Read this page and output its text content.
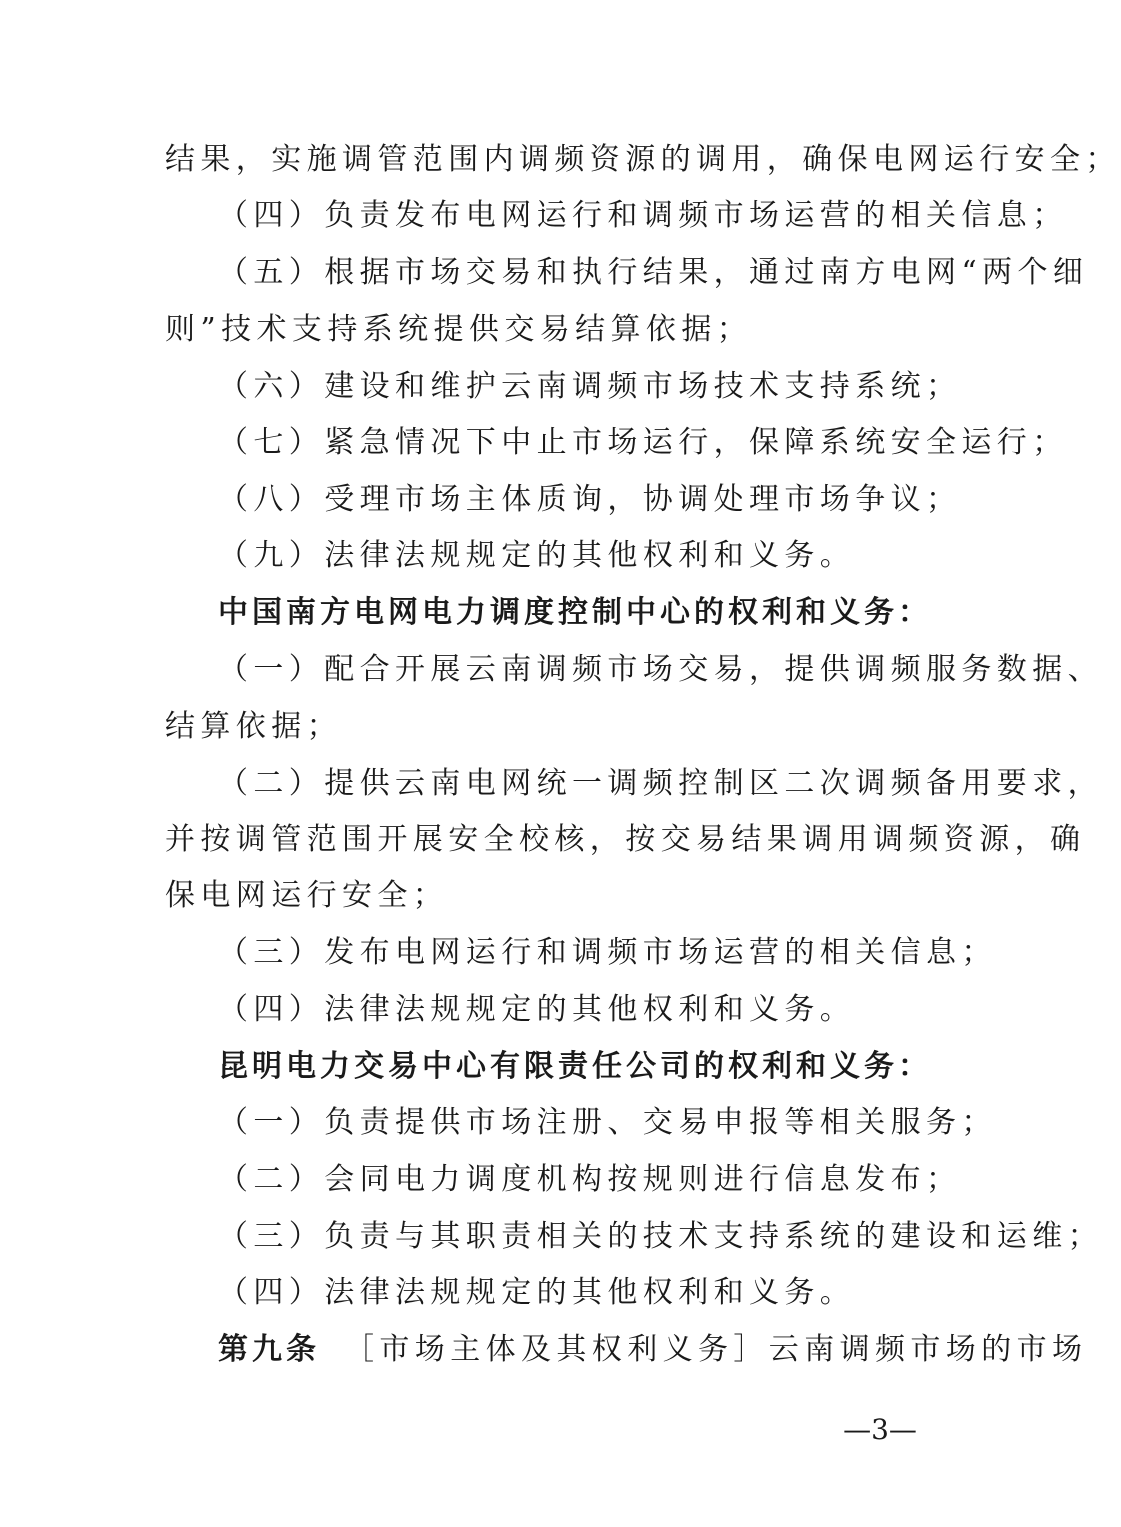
结果，实施调管范围内调频资源的调用，确保电网运行安全；
（四）负责发布电网运行和调频市场运营的相关信息；
（五）根据市场交易和执行结果，通过南方电网“两个细
则”技术支持系统提供交易结算依据；
（六）建设和维护云南调频市场技术支持系统；
（七）紧急情况下中止市场运行，保障系统安全运行；
（八）受理市场主体质询，协调处理市场争议；
（九）法律法规规定的其他权利和义务。
中国南方电网电力调度控制中心的权利和义务：
（一）配合开展云南调频市场交易，提供调频服务数据、
结算依据；
（二）提供云南电网统一调频控制区二次调频备用要求，
并按调管范围开展安全校核，按交易结果调用调频资源，确
保电网运行安全；
（三）发布电网运行和调频市场运营的相关信息；
（四）法律法规规定的其他权利和义务。
昆明电力交易中心有限责任公司的权利和义务：
（一）负责提供市场注册、交易申报等相关服务；
（二）会同电力调度机构按规则进行信息发布；
（三）负责与其职责相关的技术支持系统的建设和运维；
（四）法律法规规定的其他权利和义务。
第九条 ［市场主体及其权利义务］云南调频市场的市场
—3—
